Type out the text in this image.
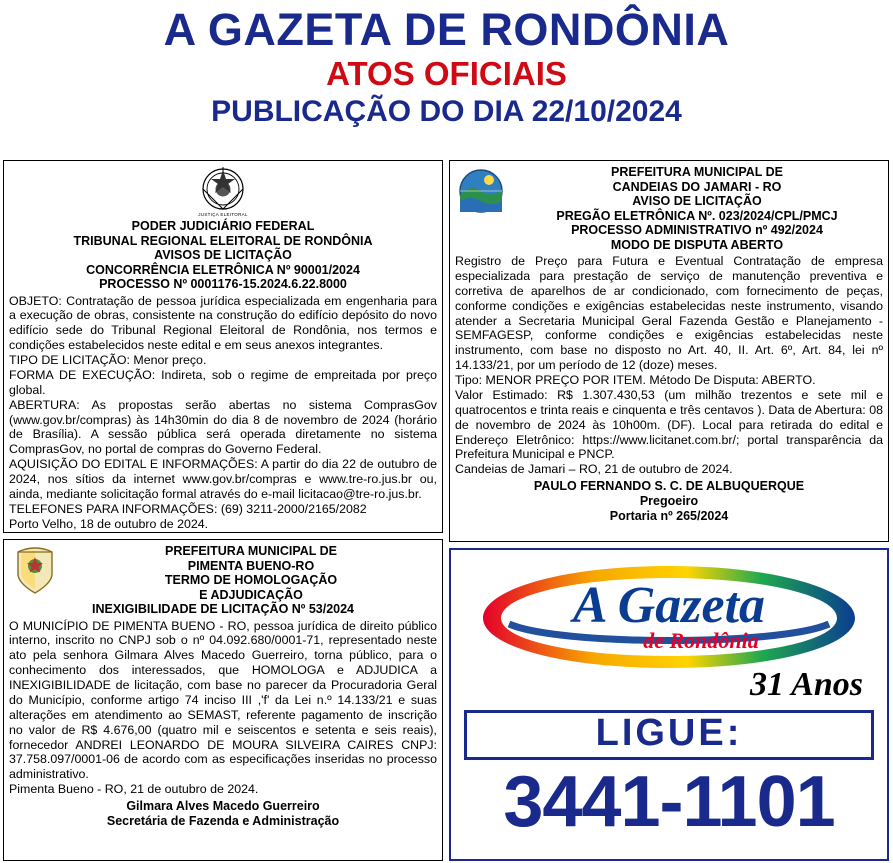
A GAZETA DE RONDÔNIA
ATOS OFICIAIS
PUBLICAÇÃO DO DIA 22/10/2024
JUSTIÇA ELEITORAL
PODER JUDICIÁRIO FEDERAL
TRIBUNAL REGIONAL ELEITORAL DE RONDÔNIA
AVISOS DE LICITAÇÃO
CONCORRÊNCIA ELETRÔNICA Nº 90001/2024
PROCESSO Nº 0001176-15.2024.6.22.8000

OBJETO: Contratação de pessoa jurídica especializada em engenharia para a execução de obras, consistente na construção do edifício depósito do novo edifício sede do Tribunal Regional Eleitoral de Rondônia, nos termos e condições estabelecidos neste edital e em seus anexos integrantes.

TIPO DE LICITAÇÃO: Menor preço.

FORMA DE EXECUÇÃO: Indireta, sob o regime de empreitada por preço global.

ABERTURA: As propostas serão abertas no sistema ComprasGov (www.gov.br/compras) às 14h30min do dia 8 de novembro de 2024 (horário de Brasília). A sessão pública será operada diretamente no sistema ComprasGov, no portal de compras do Governo Federal.

AQUISIÇÃO DO EDITAL E INFORMAÇÕES: A partir do dia 22 de outubro de 2024, nos sítios da internet www.gov.br/compras e www.tre-ro.jus.br ou, ainda, mediante solicitação formal através do e-mail licitacao@tre-ro.jus.br.

TELEFONES PARA INFORMAÇÕES: (69) 3211-2000/2165/2082

Porto Velho, 18 de outubro de 2024.

PREFEITURA MUNICIPAL DE
PIMENTA BUENO-RO
TERMO DE HOMOLOGAÇÃO
E ADJUDICAÇÃO
INEXIGIBILIDADE DE LICITAÇÃO Nº 53/2024

O MUNICÍPIO DE PIMENTA BUENO - RO, pessoa jurídica de direito público interno, inscrito no CNPJ sob o nº 04.092.680/0001-71, representado neste ato pela senhora Gilmara Alves Macedo Guerreiro, torna público, para o conhecimento dos interessados, que HOMOLOGA e ADJUDICA a INEXIGIBILIDADE de licitação, com base no parecer da Procuradoria Geral do Município, conforme artigo 74 inciso III ,'f' da Lei n.º 14.133/21 e suas alterações em atendimento ao SEMAST, referente pagamento de inscrição no valor de R$ 4.676,00 (quatro mil e seiscentos e setenta e seis reais), fornecedor ANDREI LEONARDO DE MOURA SILVEIRA CAIRES CNPJ: 37.758.097/0001-06 de acordo com as especificações inseridas no processo administrativo.

Pimenta Bueno - RO, 21 de outubro de 2024.

Gilmara Alves Macedo Guerreiro
Secretária de Fazenda e Administração
PREFEITURA MUNICIPAL DE
CANDEIAS DO JAMARI - RO
AVISO DE LICITAÇÃO
PREGÃO ELETRÔNICA Nº. 023/2024/CPL/PMCJ
PROCESSO ADMINISTRATIVO nº 492/2024
MODO DE DISPUTA ABERTO

Registro de Preço para Futura e Eventual Contratação de empresa especializada para prestação de serviço de manutenção preventiva e corretiva de aparelhos de ar condicionado, com fornecimento de peças, conforme condições e exigências estabelecidas neste instrumento, visando atender a Secretaria Municipal Geral Fazenda Gestão e Planejamento - SEMFAGESP, conforme condições e exigências estabelecidas neste instrumento, com base no disposto no Art. 40, II. Art. 6º, Art. 84, lei nº 14.133/21, por um período de 12 (doze) meses.

Tipo: MENOR PREÇO POR ITEM. Método De Disputa: ABERTO.

Valor Estimado: R$ 1.307.430,53 (um milhão trezentos e sete mil e quatrocentos e trinta reais e cinquenta e três centavos ). Data de Abertura: 08 de novembro de 2024 às 10h00m. (DF). Local para retirada do edital e Endereço Eletrônico: https://www.licitanet.com.br/; portal transparência da Prefeitura Municipal e PNCP.

Candeias de Jamari – RO, 21 de outubro de 2024.

PAULO FERNANDO S. C. DE ALBUQUERQUE
Pregoeiro
Portaria nº 265/2024
A Gazeta
de Rondônia
31 Anos
LIGUE:
3441-1101
